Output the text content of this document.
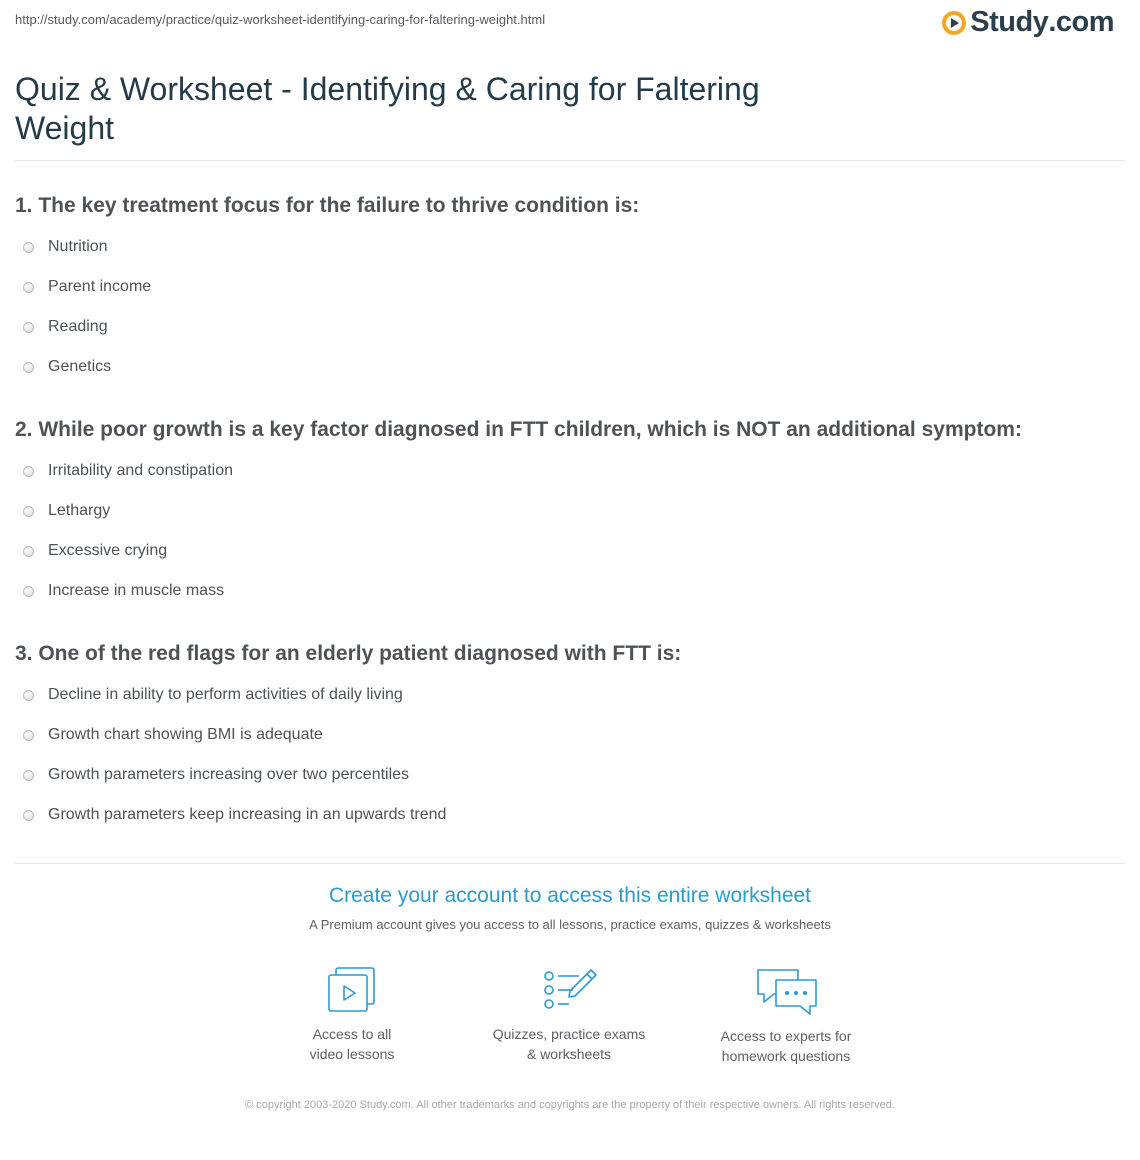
http://study.com/academy/practice/quiz-worksheet-identifying-caring-for-faltering-weight.html	Study .com
Quiz & Worksheet - Identifying & Caring for Faltering Weight

1. The key treatment focus for the failure to thrive condition is:

Nutrition
Parent income
Reading
Genetics

2. While poor growth is a key factor diagnosed in FTT children, which is NOT an additional symptom:

Irritability and constipation
Lethargy
Excessive crying
Increase in muscle mass

3. One of the red flags for an elderly patient diagnosed with FTT is:

Decline in ability to perform activities of daily living
Growth chart showing BMI is adequate
Growth parameters increasing over two percentiles
Growth parameters keep increasing in an upwards trend
Create your account to access this entire worksheet
A Premium account gives you access to all lessons, practice exams, quizzes & worksheets
Access to all
video lessons
Quizzes, practice exams
& worksheets
Access to experts for
homework questions
© copyright 2003-2020 Study.com. All other trademarks and copyrights are the property of their respective owners. All rights reserved.
